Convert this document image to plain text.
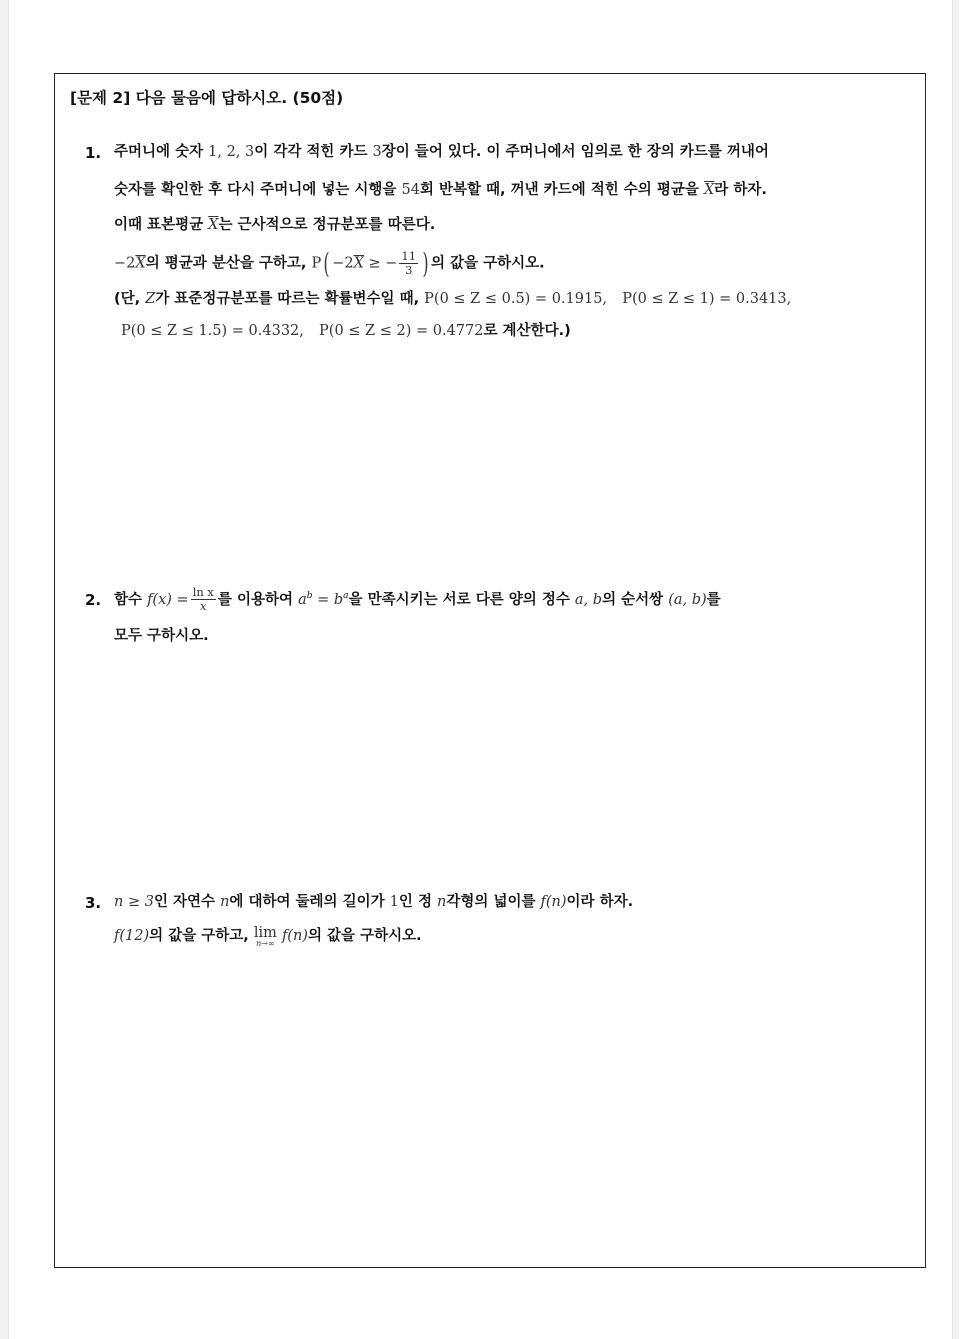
[문제 2] 다음 물음에 답하시오. (50점)
1. 주머니에 숫자 1, 2, 3이 각각 적힌 카드 3장이 들어 있다. 이 주머니에서 임의로 한 장의 카드를 꺼내어
숫자를 확인한 후 다시 주머니에 넣는 시행을 54회 반복할 때, 꺼낸 카드에 적힌 수의 평균을 $\overline{X}$라 하자.
이때 표본평균 $\overline{X}$는 근사적으로 정규분포를 따른다.
$-2\overline{X}$의 평균과 분산을 구하고, $P( -2\overline{X}$ ≥ − $\frac{11}{3}$ ) 의 값을 구하시오.
(단, Z가 표준정규분포를 따르는 확률변수일 때, P(0 ≤ Z ≤ 0.5) = 0.1915, P(0 ≤ Z ≤ 1) = 0.3413,
P(0 ≤ Z ≤ 1.5) = 0.4332, P(0 ≤ Z ≤ 2) = 0.4772로 계산한다.)
2. 함수 $f(x) = \frac{\text{ln x}}{x}$ 를 이용하여 $a^b = b^a$을 만족시키는 서로 다른 양의 정수 a, b의 순서쌍 (a, b)를
모두 구하시오.
3. n ≥ 3인 자연수 n에 대하여 둘레의 길이가 1인 정 n각형의 넓이를 f(n)이라 하자.
f(12)의 값을 구하고, lim
n→∞ f(n)의 값을 구하시오.
